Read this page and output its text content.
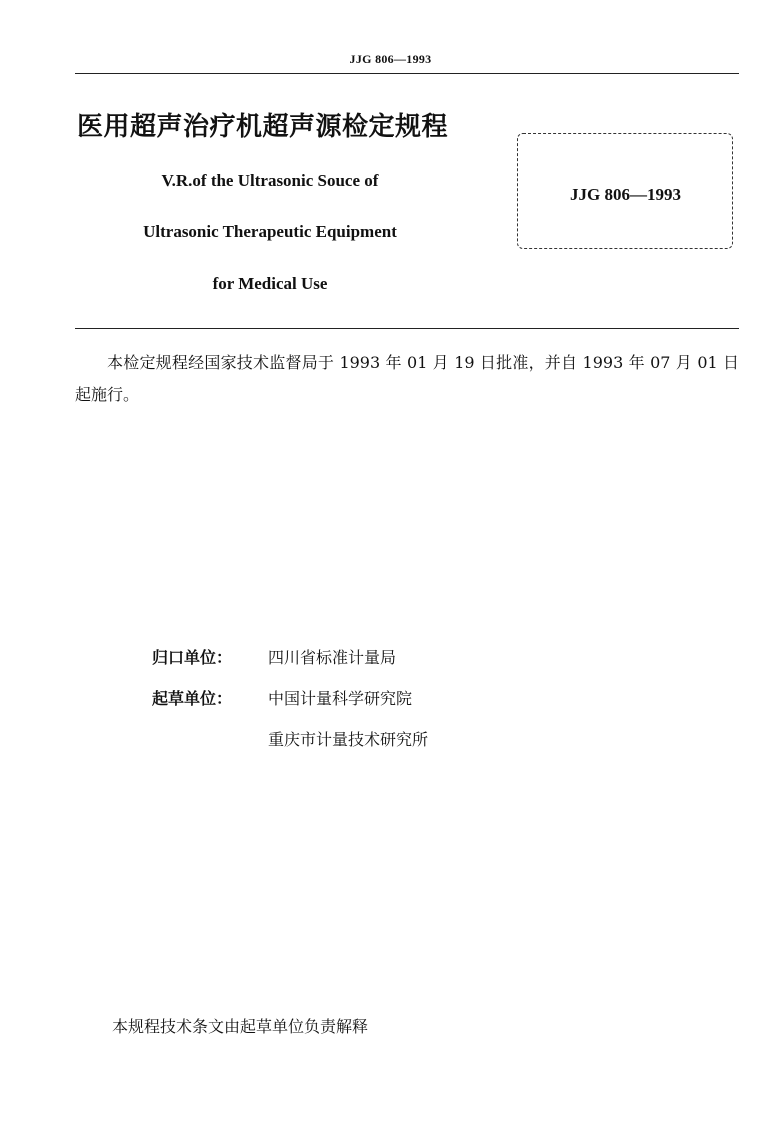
JJG 806—1993
医用超声治疗机超声源检定规程
V.R.of the Ultrasonic Souce of
Ultrasonic Therapeutic Equipment
for Medical Use
JJG 806—1993
本检定规程经国家技术监督局于 1993 年 01 月 19 日批准，并自 1993 年 07 月 01 日起施行。
归口单位： 四川省标准计量局
起草单位： 中国计量科学研究院
重庆市计量技术研究所
本规程技术条文由起草单位负责解释
